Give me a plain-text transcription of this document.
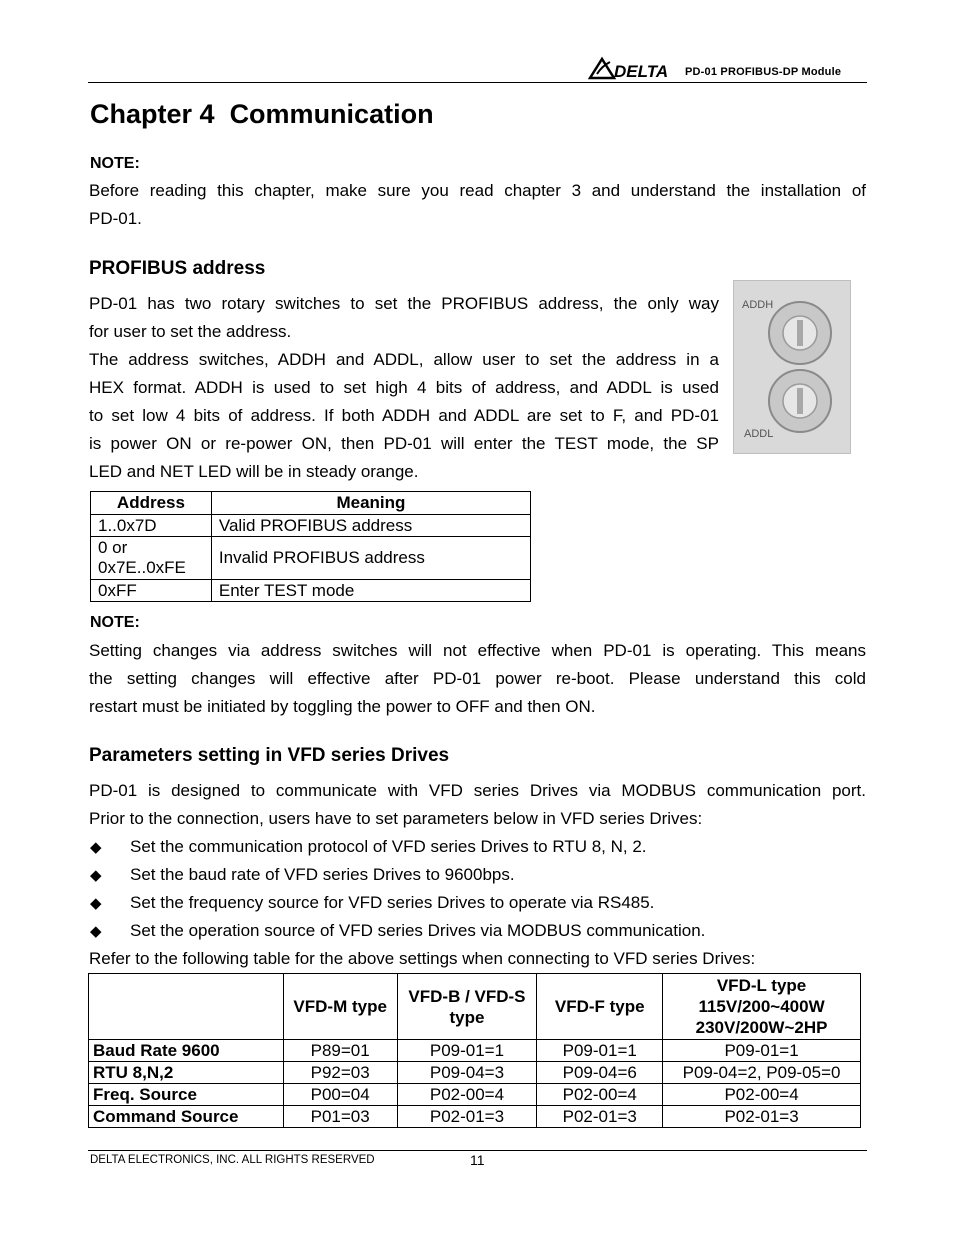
DELTA PD-01 PROFIBUS-DP Module
Chapter 4 Communication
NOTE:
Before reading this chapter, make sure you read chapter 3 and understand the installation of
PD-01.
PROFIBUS address
PD-01 has two rotary switches to set the PROFIBUS address, the only way
for user to set the address.
The address switches, ADDH and ADDL, allow user to set the address in a
HEX format. ADDH is used to set high 4 bits of address, and ADDL is used
to set low 4 bits of address. If both ADDH and ADDL are set to F, and PD-01
is power ON or re-power ON, then PD-01 will enter the TEST mode, the SP
LED and NET LED will be in steady orange.
ADDH
ADDL
Address	Meaning
1..0x7D	Valid PROFIBUS address
0 or
0x7E..0xFE	Invalid PROFIBUS address
0xFF	Enter TEST mode
NOTE:
Setting changes via address switches will not effective when PD-01 is operating. This means
the setting changes will effective after PD-01 power re-boot. Please understand this cold
restart must be initiated by toggling the power to OFF and then ON.
Parameters setting in VFD series Drives
PD-01 is designed to communicate with VFD series Drives via MODBUS communication port.
Prior to the connection, users have to set parameters below in VFD series Drives:
◆ Set the communication protocol of VFD series Drives to RTU 8, N, 2.
◆ Set the baud rate of VFD series Drives to 9600bps.
◆ Set the frequency source for VFD series Drives to operate via RS485.
◆ Set the operation source of VFD series Drives via MODBUS communication.
Refer to the following table for the above settings when connecting to VFD series Drives:
	VFD-M type	VFD-B / VFD-S
type	VFD-F type	VFD-L type
115V/200~400W
230V/200W~2HP
Baud Rate 9600	P89=01	P09-01=1	P09-01=1	P09-01=1
RTU 8,N,2	P92=03	P09-04=3	P09-04=6	P09-04=2, P09-05=0
Freq. Source	P00=04	P02-00=4	P02-00=4	P02-00=4
Command Source	P01=03	P02-01=3	P02-01=3	P02-01=3
DELTA ELECTRONICS, INC. ALL RIGHTS RESERVED	11
